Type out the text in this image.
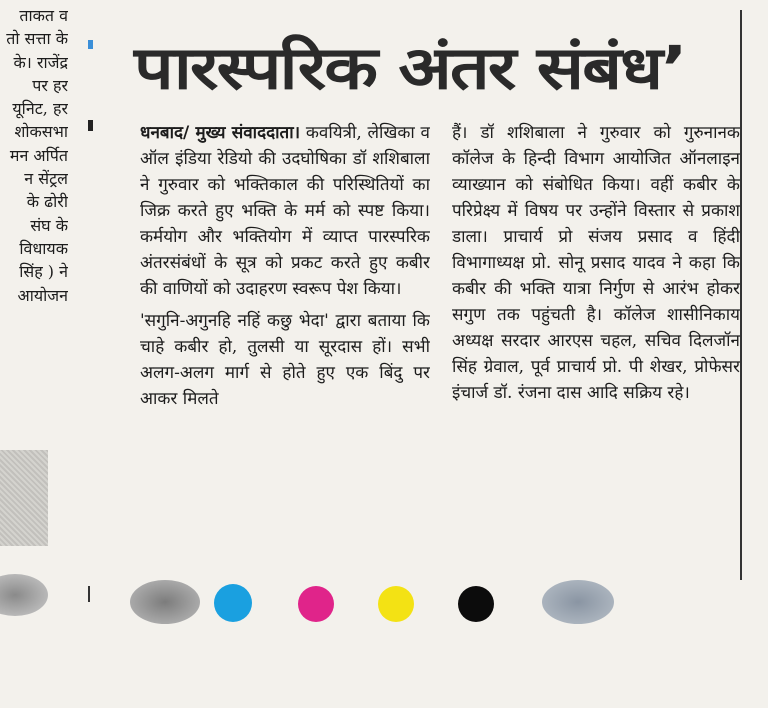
ताकत व
तो सत्ता के
के। राजेंद्र
पर हर
यूनिट, हर
शोकसभा
मन अर्पित
न सेंट्रल
के ढोरी
संघ के
विधायक
सिंह ) ने
आयोजन
पारस्परिक अंतर संबंध’

धनबाद/ मुख्य संवाददाता। कवयित्री, लेखिका व ऑल इंडिया रेडियो की उदघोषिका डॉ शशिबाला ने गुरुवार को भक्तिकाल की परिस्थितियों का जिक्र करते हुए भक्ति के मर्म को स्पष्ट किया। कर्मयोग और भक्तियोग में व्याप्त पारस्परिक अंतरसंबंधों के सूत्र को प्रकट करते हुए कबीर की वाणियों को उदाहरण स्वरूप पेश किया।

'सगुनि-अगुनहि नहिं कछु भेदा' द्वारा बताया कि चाहे कबीर हो, तुलसी या सूरदास हों। सभी अलग-अलग मार्ग से होते हुए एक बिंदु पर आकर मिलते

हैं। डॉ शशिबाला ने गुरुवार को गुरुनानक कॉलेज के हिन्दी विभाग आयोजित ऑनलाइन व्याख्यान को संबोधित किया। वहीं कबीर के परिप्रेक्ष्य में विषय पर उन्होंने विस्तार से प्रकाश डाला। प्राचार्य प्रो संजय प्रसाद व हिंदी विभागाध्यक्ष प्रो. सोनू प्रसाद यादव ने कहा कि कबीर की भक्ति यात्रा निर्गुण से आरंभ होकर सगुण तक पहुंचती है। कॉलेज शासीनिकाय अध्यक्ष सरदार आरएस चहल, सचिव दिलजॉन सिंह ग्रेवाल, पूर्व प्राचार्य प्रो. पी शेखर, प्रोफेसर इंचार्ज डॉ. रंजना दास आदि सक्रिय रहे।
